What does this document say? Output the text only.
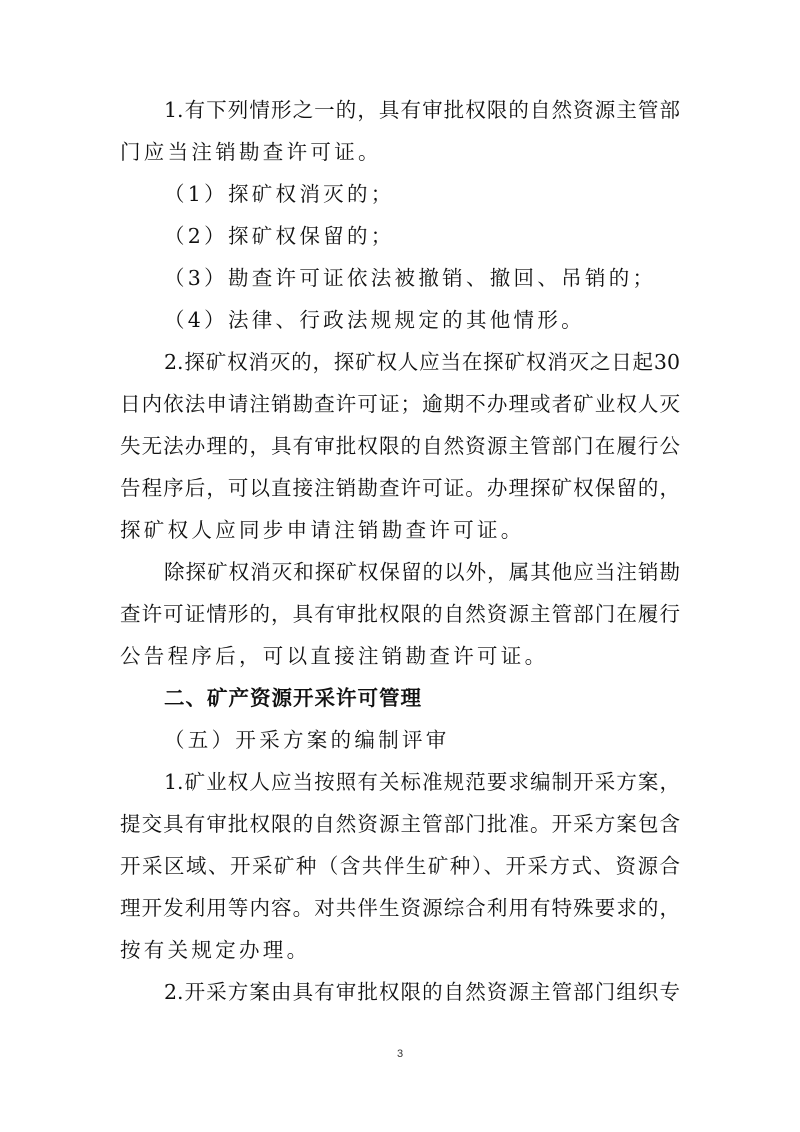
1.有下列情形之一的，具有审批权限的自然资源主管部
门应当注销勘查许可证。
（1）探矿权消灭的；
（2）探矿权保留的；
（3）勘查许可证依法被撤销、撤回、吊销的；
（4）法律、行政法规规定的其他情形。
2.探矿权消灭的，探矿权人应当在探矿权消灭之日起30
日内依法申请注销勘查许可证；逾期不办理或者矿业权人灭
失无法办理的，具有审批权限的自然资源主管部门在履行公
告程序后，可以直接注销勘查许可证。办理探矿权保留的，
探矿权人应同步申请注销勘查许可证。
除探矿权消灭和探矿权保留的以外，属其他应当注销勘
查许可证情形的，具有审批权限的自然资源主管部门在履行
公告程序后，可以直接注销勘查许可证。
二、矿产资源开采许可管理
（五）开采方案的编制评审
1.矿业权人应当按照有关标准规范要求编制开采方案，
提交具有审批权限的自然资源主管部门批准。开采方案包含
开采区域、开采矿种（含共伴生矿种）、开采方式、资源合
理开发利用等内容。对共伴生资源综合利用有特殊要求的，
按有关规定办理。
2.开采方案由具有审批权限的自然资源主管部门组织专
3
